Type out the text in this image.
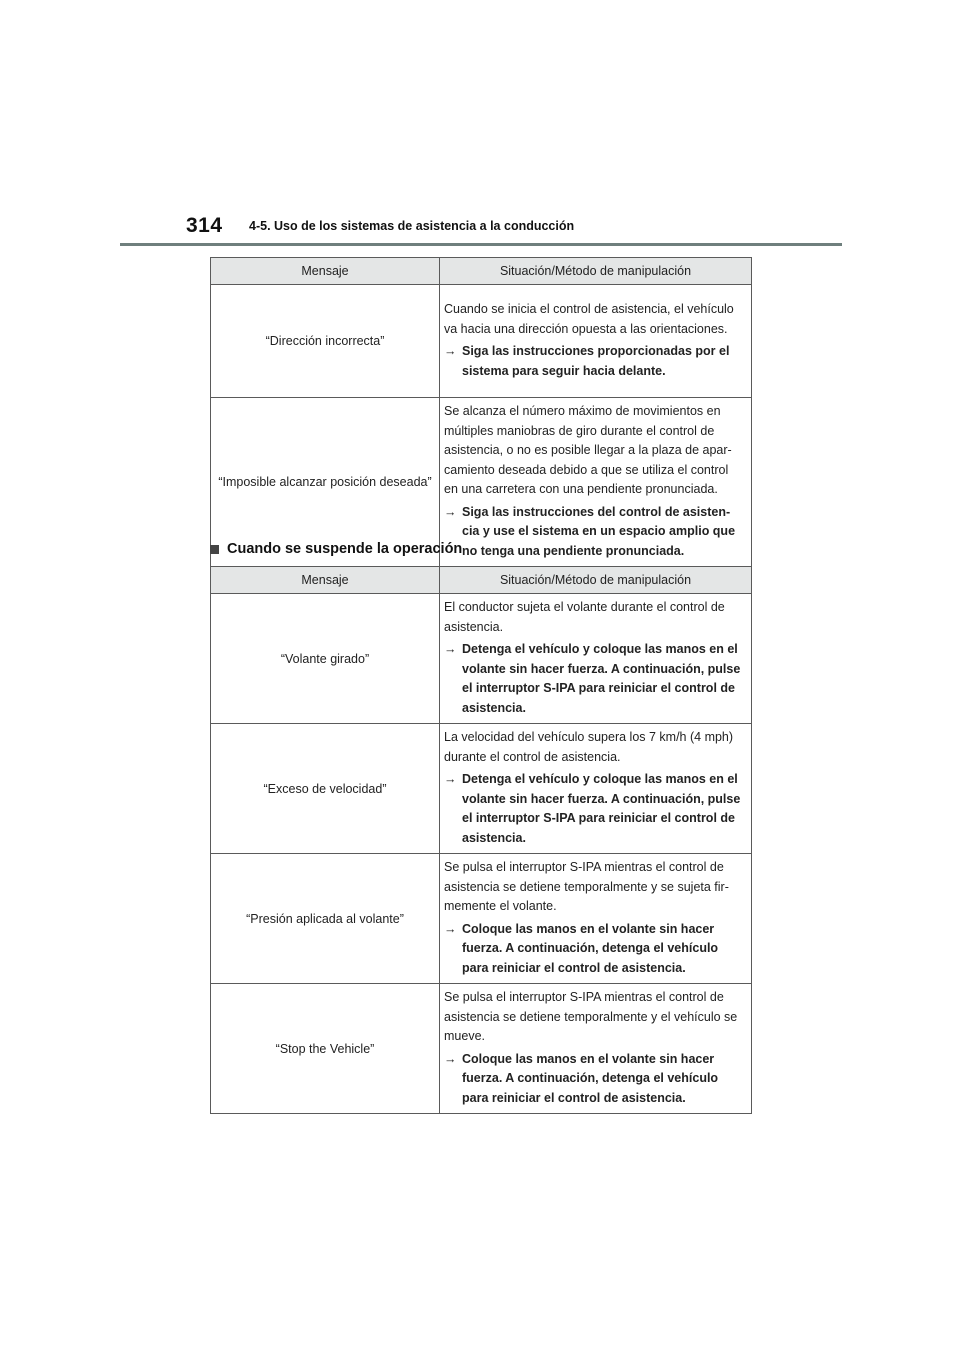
314 4-5. Uso de los sistemas de asistencia a la conducción
Mensaje	Situación/Método de manipulación
“Dirección incorrecta”	Cuando se inicia el control de asistencia, el vehículo va hacia una dirección opuesta a las orientaciones.
→ Siga las instrucciones proporcionadas por el sistema para seguir hacia delante.

“Imposible alcanzar posición deseada”	Se alcanza el número máximo de movimientos en múltiples maniobras de giro durante el control de asistencia, o no es posible llegar a la plaza de apar- camiento deseada debido a que se utiliza el control en una carretera con una pendiente pronunciada.
→ Siga las instrucciones del control de asisten- cia y use el sistema en un espacio amplio que no tenga una pendiente pronunciada.
Cuando se suspende la operación
Mensaje	Situación/Método de manipulación
“Volante girado”	El conductor sujeta el volante durante el control de asistencia.
→ Detenga el vehículo y coloque las manos en el volante sin hacer fuerza. A continuación, pulse el interruptor S-IPA para reiniciar el control de asistencia.

“Exceso de velocidad”	La velocidad del vehículo supera los 7 km/h (4 mph) durante el control de asistencia.
→ Detenga el vehículo y coloque las manos en el volante sin hacer fuerza. A continuación, pulse el interruptor S-IPA para reiniciar el control de asistencia.

“Presión aplicada al volante”	Se pulsa el interruptor S-IPA mientras el control de asistencia se detiene temporalmente y se sujeta fir- memente el volante.
→ Coloque las manos en el volante sin hacer fuerza. A continuación, detenga el vehículo para reiniciar el control de asistencia.

“Stop the Vehicle”	Se pulsa el interruptor S-IPA mientras el control de asistencia se detiene temporalmente y el vehículo se mueve.
→ Coloque las manos en el volante sin hacer fuerza. A continuación, detenga el vehículo para reiniciar el control de asistencia.
